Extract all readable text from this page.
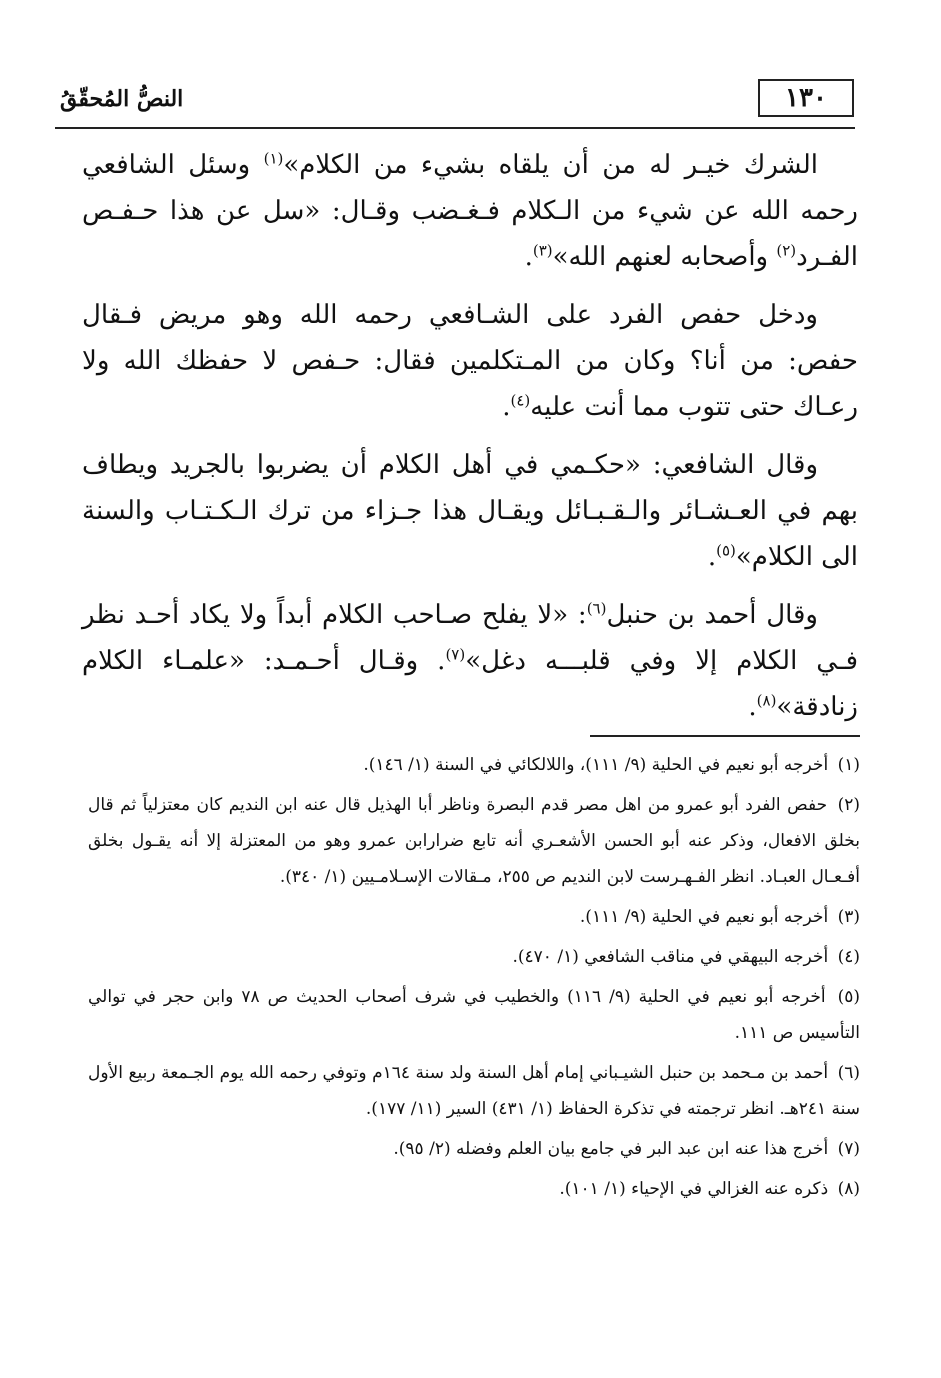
النصُّ المُحقّقُ	١٣٠

الشرك خيـر له من أن يلقاه بشيء من الكلام»$^{(١)}$ وسئل الشافعي رحمه الله عن شيء من الـكلام فـغـضب وقـال: «سل عن هذا حـفـص الفـرد$^{(٢)}$ وأصحابه لعنهم الله»$^{(٣)}$.

ودخل حفص الفرد على الشـافعي رحمه الله وهو مريض فـقال حفص: من أنا؟ وكان من المـتكلمين فقال: حـفص لا حفظك الله ولا رعـاك حتى تتوب مما أنت عليه$^{(٤)}$.

وقال الشافعي: «حكـمي في أهل الكلام أن يضربوا بالجريد ويطاف بهم في العـشـائر والـقـبـائل ويقـال هذا جـزاء من ترك الـكـتـاب والسنة الى الكلام»$^{(٥)}$.

وقال أحمد بن حنبل$^{(٦)}$: «لا يفلح صـاحب الكلام أبداً ولا يكاد أحـد نظر فـي الكلام إلا وفي قلبـــه دغل»$^{(٧)}$. وقـال أحـمـد: «علمـاء الكلام زنادقة»$^{(٨)}$.

(١) أخرجه أبو نعيم في الحلية (٩/ ١١١)، واللالكائي في السنة (١/ ١٤٦).
(٢) حفص الفرد أبو عمرو من اهل مصر قدم البصرة وناظر أبا الهذيل قال عنه ابن النديم كان معتزلياً ثم قال بخلق الافعال، وذكر عنه أبو الحسن الأشعـري أنه تابع ضرارابن عمرو وهو من المعتزلة إلا أنه يقـول بخلق أفـعـال العبـاد. انظر الفـهـرست لابن النديم ص ٢٥٥، مـقالات الإسـلامـيين (١/ ٣٤٠).
(٣) أخرجه أبو نعيم في الحلية (٩/ ١١١).
(٤) أخرجه البيهقي في مناقب الشافعي (١/ ٤٧٠).
(٥) أخرجه أبو نعيم في الحلية (٩/ ١١٦) والخطيب في شرف أصحاب الحديث ص ٧٨ وابن حجر في توالي التأسيس ص ١١١.
(٦) أحمد بن مـحمد بن حنبل الشيـباني إمام أهل السنة ولد سنة ١٦٤م وتوفي رحمه الله يوم الجـمعة ربيع الأول سنة ٢٤١هـ. انظر ترجمته في تذكرة الحفاظ (١/ ٤٣١) السير (١١/ ١٧٧).
(٧) أخرج هذا عنه ابن عبد البر في جامع بيان العلم وفضله (٢/ ٩٥).
(٨) ذكره عنه الغزالي في الإحياء (١/ ١٠١).
